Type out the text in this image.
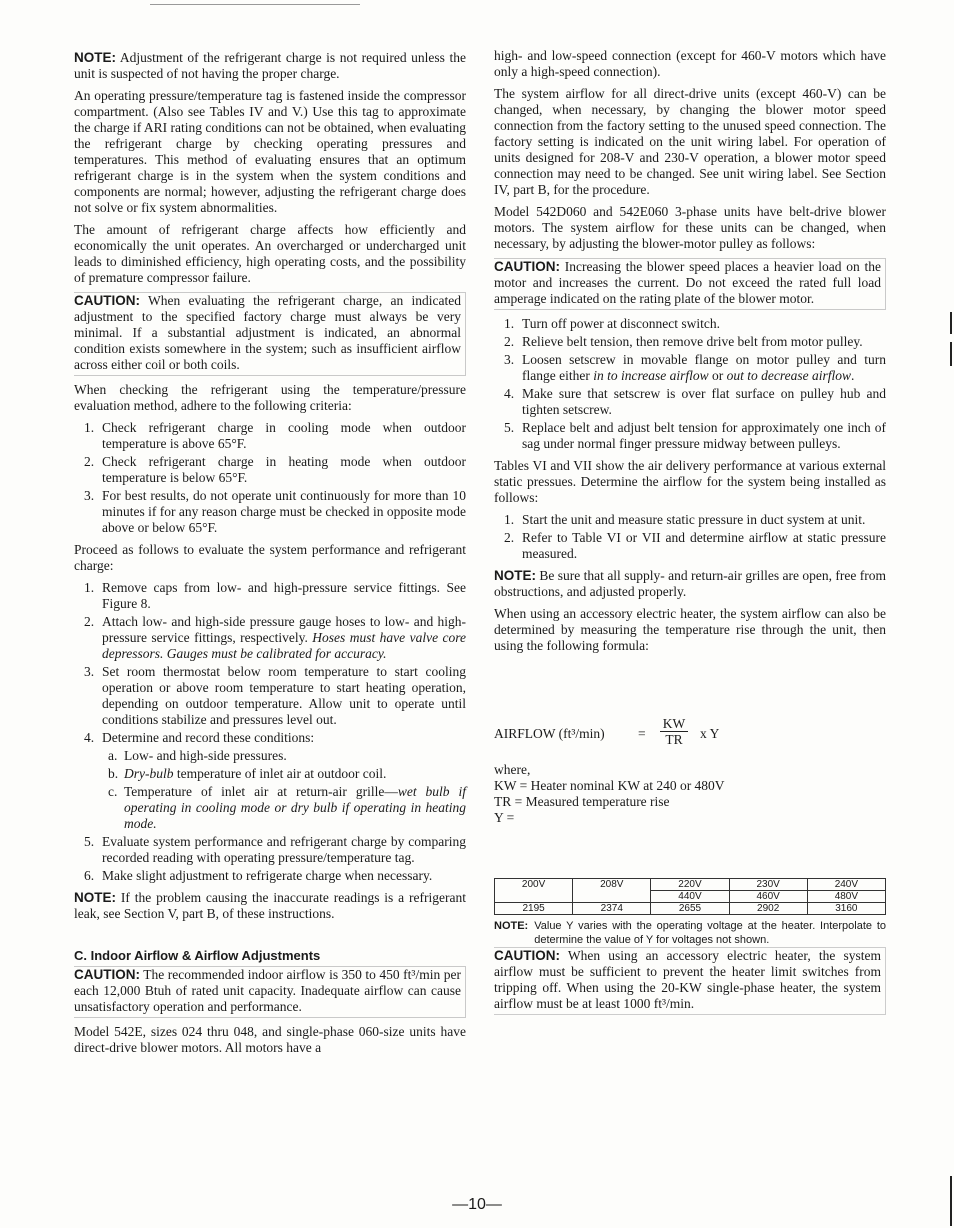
NOTE: Adjustment of the refrigerant charge is not required unless the unit is suspected of not having the proper charge.

An operating pressure/temperature tag is fastened inside the compressor compartment. (Also see Tables IV and V.) Use this tag to approximate the charge if ARI rating conditions can not be obtained, when evaluating the refrigerant charge by checking operating pressures and temperatures. This method of evaluating ensures that an optimum refrigerant charge is in the system when the system conditions and components are normal; however, adjusting the refrigerant charge does not solve or fix system abnormalities.

The amount of refrigerant charge affects how efficiently and economically the unit operates. An overcharged or undercharged unit leads to diminished efficiency, high operating costs, and the possibility of premature compressor failure.

CAUTION: When evaluating the refrigerant charge, an indicated adjustment to the specified factory charge must always be very minimal. If a substantial adjustment is indicated, an abnormal condition exists somewhere in the system; such as insufficient airflow across either coil or both coils.

When checking the refrigerant using the temperature/pressure evaluation method, adhere to the following criteria:

1. Check refrigerant charge in cooling mode when outdoor temperature is above 65°F.
2. Check refrigerant charge in heating mode when outdoor temperature is below 65°F.
3. For best results, do not operate unit continuously for more than 10 minutes if for any reason charge must be checked in opposite mode above or below 65°F.

Proceed as follows to evaluate the system performance and refrigerant charge:

1. Remove caps from low- and high-pressure service fittings. See Figure 8.
2. Attach low- and high-side pressure gauge hoses to low- and high-pressure service fittings, respectively. Hoses must have valve core depressors. Gauges must be calibrated for accuracy.
3. Set room thermostat below room temperature to start cooling operation or above room temperature to start heating operation, depending on outdoor temperature. Allow unit to operate until conditions stabilize and pressures level out.
4. Determine and record these conditions:
a. Low- and high-side pressures.
b. Dry-bulb temperature of inlet air at outdoor coil.
c. Temperature of inlet air at return-air grille—wet bulb if operating in cooling mode or dry bulb if operating in heating mode.
5. Evaluate system performance and refrigerant charge by comparing recorded reading with operating pressure/temperature tag.
6. Make slight adjustment to refrigerate charge when necessary.

NOTE: If the problem causing the inaccurate readings is a refrigerant leak, see Section V, part B, of these instructions.

C. Indoor Airflow & Airflow Adjustments

CAUTION: The recommended indoor airflow is 350 to 450 ft³/min per each 12,000 Btuh of rated unit capacity. Inadequate airflow can cause unsatisfactory operation and performance.

Model 542E, sizes 024 thru 048, and single-phase 060-size units have direct-drive blower motors. All motors have a

high- and low-speed connection (except for 460-V motors which have only a high-speed connection).

The system airflow for all direct-drive units (except 460-V) can be changed, when necessary, by changing the blower motor speed connection from the factory setting to the unused speed connection. The factory setting is indicated on the unit wiring label. For operation of units designed for 208-V and 230-V operation, a blower motor speed connection may need to be changed. See unit wiring label. See Section IV, part B, for the procedure.

Model 542D060 and 542E060 3-phase units have belt-drive blower motors. The system airflow for these units can be changed, when necessary, by adjusting the blower-motor pulley as follows:

CAUTION: Increasing the blower speed places a heavier load on the motor and increases the current. Do not exceed the rated full load amperage indicated on the rating plate of the blower motor.

1. Turn off power at disconnect switch.
2. Relieve belt tension, then remove drive belt from motor pulley.
3. Loosen setscrew in movable flange on motor pulley and turn flange either in to increase airflow or out to decrease airflow.
4. Make sure that setscrew is over flat surface on pulley hub and tighten setscrew.
5. Replace belt and adjust belt tension for approximately one inch of sag under normal finger pressure midway between pulleys.

Tables VI and VII show the air delivery performance at various external static pressues. Determine the airflow for the system being installed as follows:

1. Start the unit and measure static pressure in duct system at unit.
2. Refer to Table VI or VII and determine airflow at static pressure measured.

NOTE: Be sure that all supply- and return-air grilles are open, free from obstructions, and adjusted properly.

When using an accessory electric heater, the system airflow can also be determined by measuring the temperature rise through the unit, then using the following formula:

AIRFLOW $(ft^3/\min) = \frac{KW}{TR}$ x Y
where,
KW = Heater nominal KW at 240 or 480V
TR = Measured temperature rise
Y =
200V	208V	220V	230V	240V
		440V	460V	480V
2195	2374	2655	2902	3160
NOTE: Value Y varies with the operating voltage at the heater. Interpolate to determine the value of Y for voltages not shown.

CAUTION: When using an accessory electric heater, the system airflow must be sufficient to prevent the heater limit switches from tripping off. When using the 20-KW single-phase heater, the system airflow must be at least 1000 ft³/min.

—10—
